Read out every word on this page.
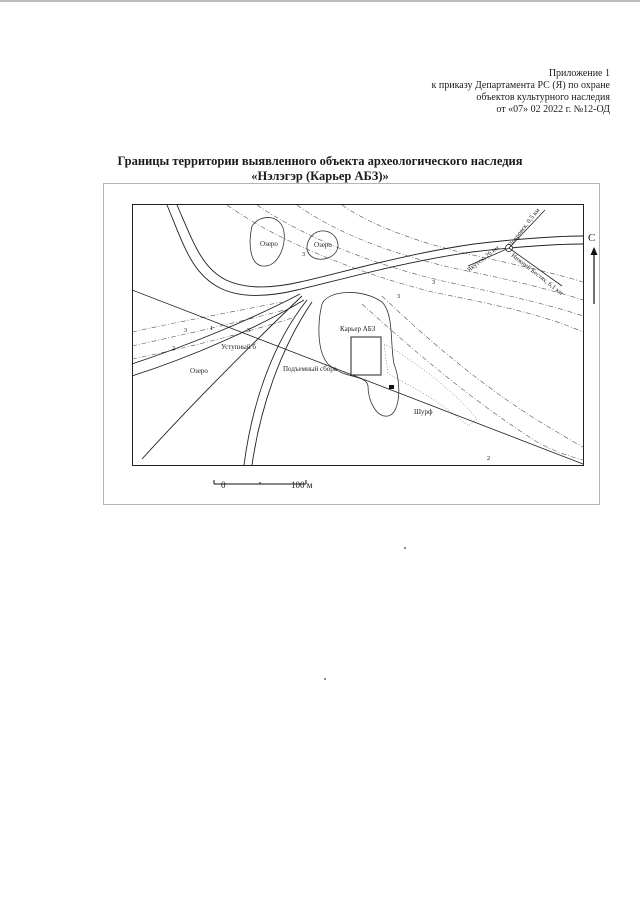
Приложение 1
к приказу Департамента РС (Я) по охране
объектов культурного наследия
от «07» 02 2022 г. №12-ОД
Границы территории выявленного объекта археологического наследия
«Нэлэгэр (Карьер АБЗ)»
3
3
3
3
2
1
3
2
Озеро	Озеро
Озеро
Карьер АБЗ
Уступный б
Подъемный сбора
Шурф
Якутск, 26 км
Покровск, 0,5 км
Нижний Бестях, 6,1 км
С
0	100 м
